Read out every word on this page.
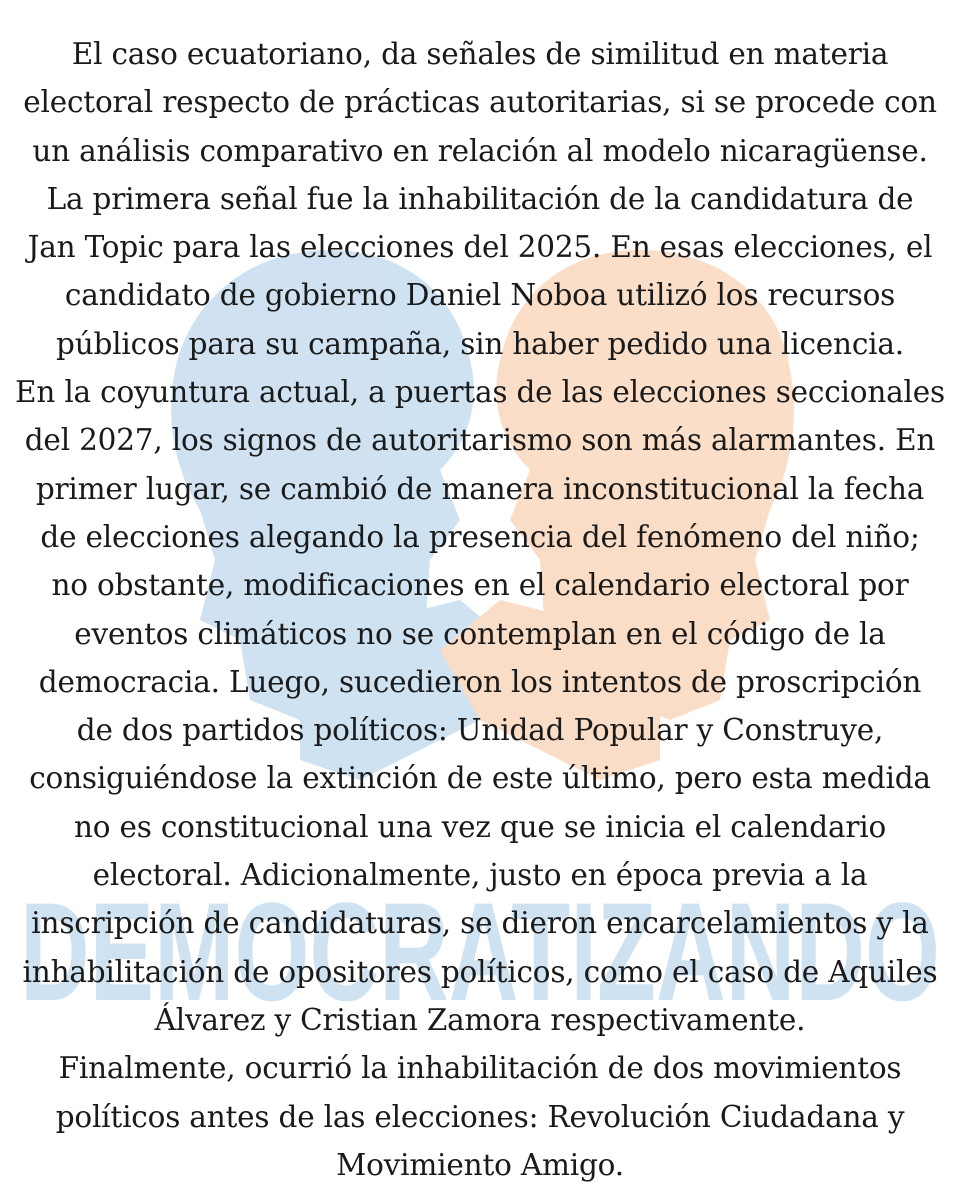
DEMOCRATIZANDO
El caso ecuatoriano, da señales de similitud en materia
electoral respecto de prácticas autoritarias, si se procede con
un análisis comparativo en relación al modelo nicaragüense.
La primera señal fue la inhabilitación de la candidatura de
Jan Topic para las elecciones del 2025. En esas elecciones, el
candidato de gobierno Daniel Noboa utilizó los recursos
públicos para su campaña, sin haber pedido una licencia.
En la coyuntura actual, a puertas de las elecciones seccionales
del 2027, los signos de autoritarismo son más alarmantes. En
primer lugar, se cambió de manera inconstitucional la fecha
de elecciones alegando la presencia del fenómeno del niño;
no obstante, modificaciones en el calendario electoral por
eventos climáticos no se contemplan en el código de la
democracia. Luego, sucedieron los intentos de proscripción
de dos partidos políticos: Unidad Popular y Construye,
consiguiéndose la extinción de este último, pero esta medida
no es constitucional una vez que se inicia el calendario
electoral. Adicionalmente, justo en época previa a la
inscripción de candidaturas, se dieron encarcelamientos y la
inhabilitación de opositores políticos, como el caso de Aquiles
Álvarez y Cristian Zamora respectivamente.
Finalmente, ocurrió la inhabilitación de dos movimientos
políticos antes de las elecciones: Revolución Ciudadana y
Movimiento Amigo.
